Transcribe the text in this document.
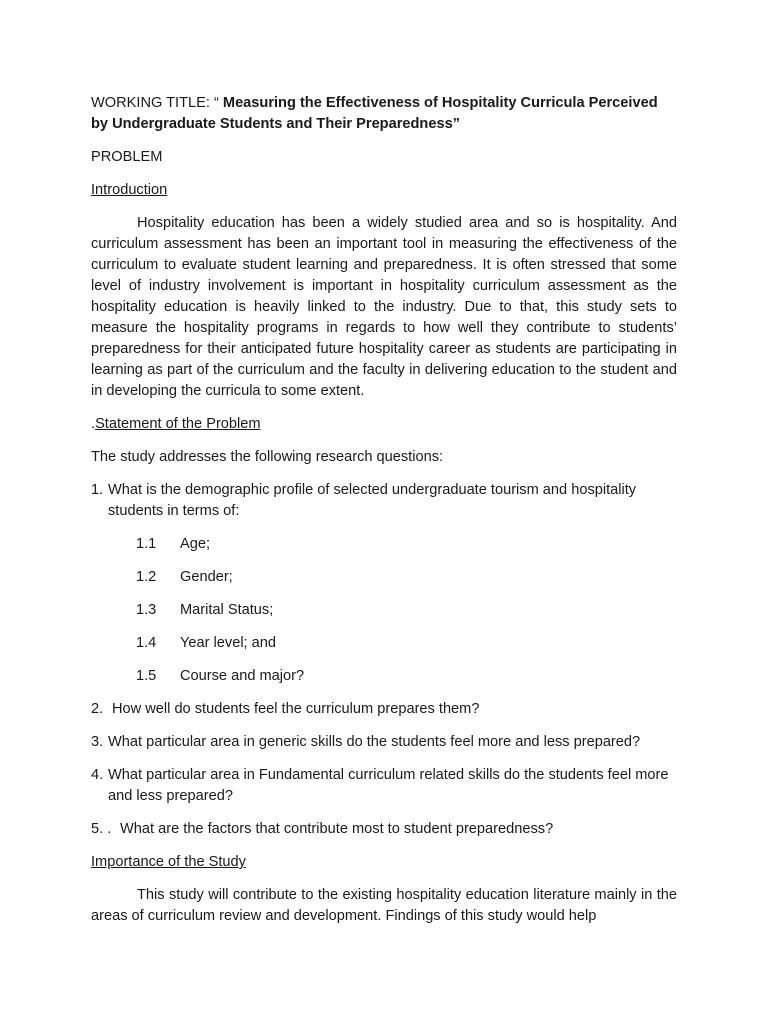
WORKING TITLE: “ Measuring the Effectiveness of Hospitality Curricula Perceived by Undergraduate Students and Their Preparedness”

PROBLEM

Introduction

Hospitality education has been a widely studied area and so is hospitality. And curriculum assessment has been an important tool in measuring the effectiveness of the curriculum to evaluate student learning and preparedness. It is often stressed that some level of industry involvement is important in hospitality curriculum assessment as the hospitality education is heavily linked to the industry. Due to that, this study sets to measure the hospitality programs in regards to how well they contribute to students’ preparedness for their anticipated future hospitality career as students are participating in learning as part of the curriculum and the faculty in delivering education to the student and in developing the curricula to some extent.

.Statement of the Problem

The study addresses the following research questions:

1. What is the demographic profile of selected undergraduate tourism and hospitality students in terms of:
1.1	Age;
1.2	Gender;
1.3	Marital Status;
1.4	Year level; and
1.5	Course and major?
2. How well do students feel the curriculum prepares them?
3. What particular area in generic skills do the students feel more and less prepared?
4. What particular area in Fundamental curriculum related skills do the students feel more and less prepared?
5. . What are the factors that contribute most to student preparedness?

Importance of the Study

This study will contribute to the existing hospitality education literature mainly in the areas of curriculum review and development. Findings of this study would help
